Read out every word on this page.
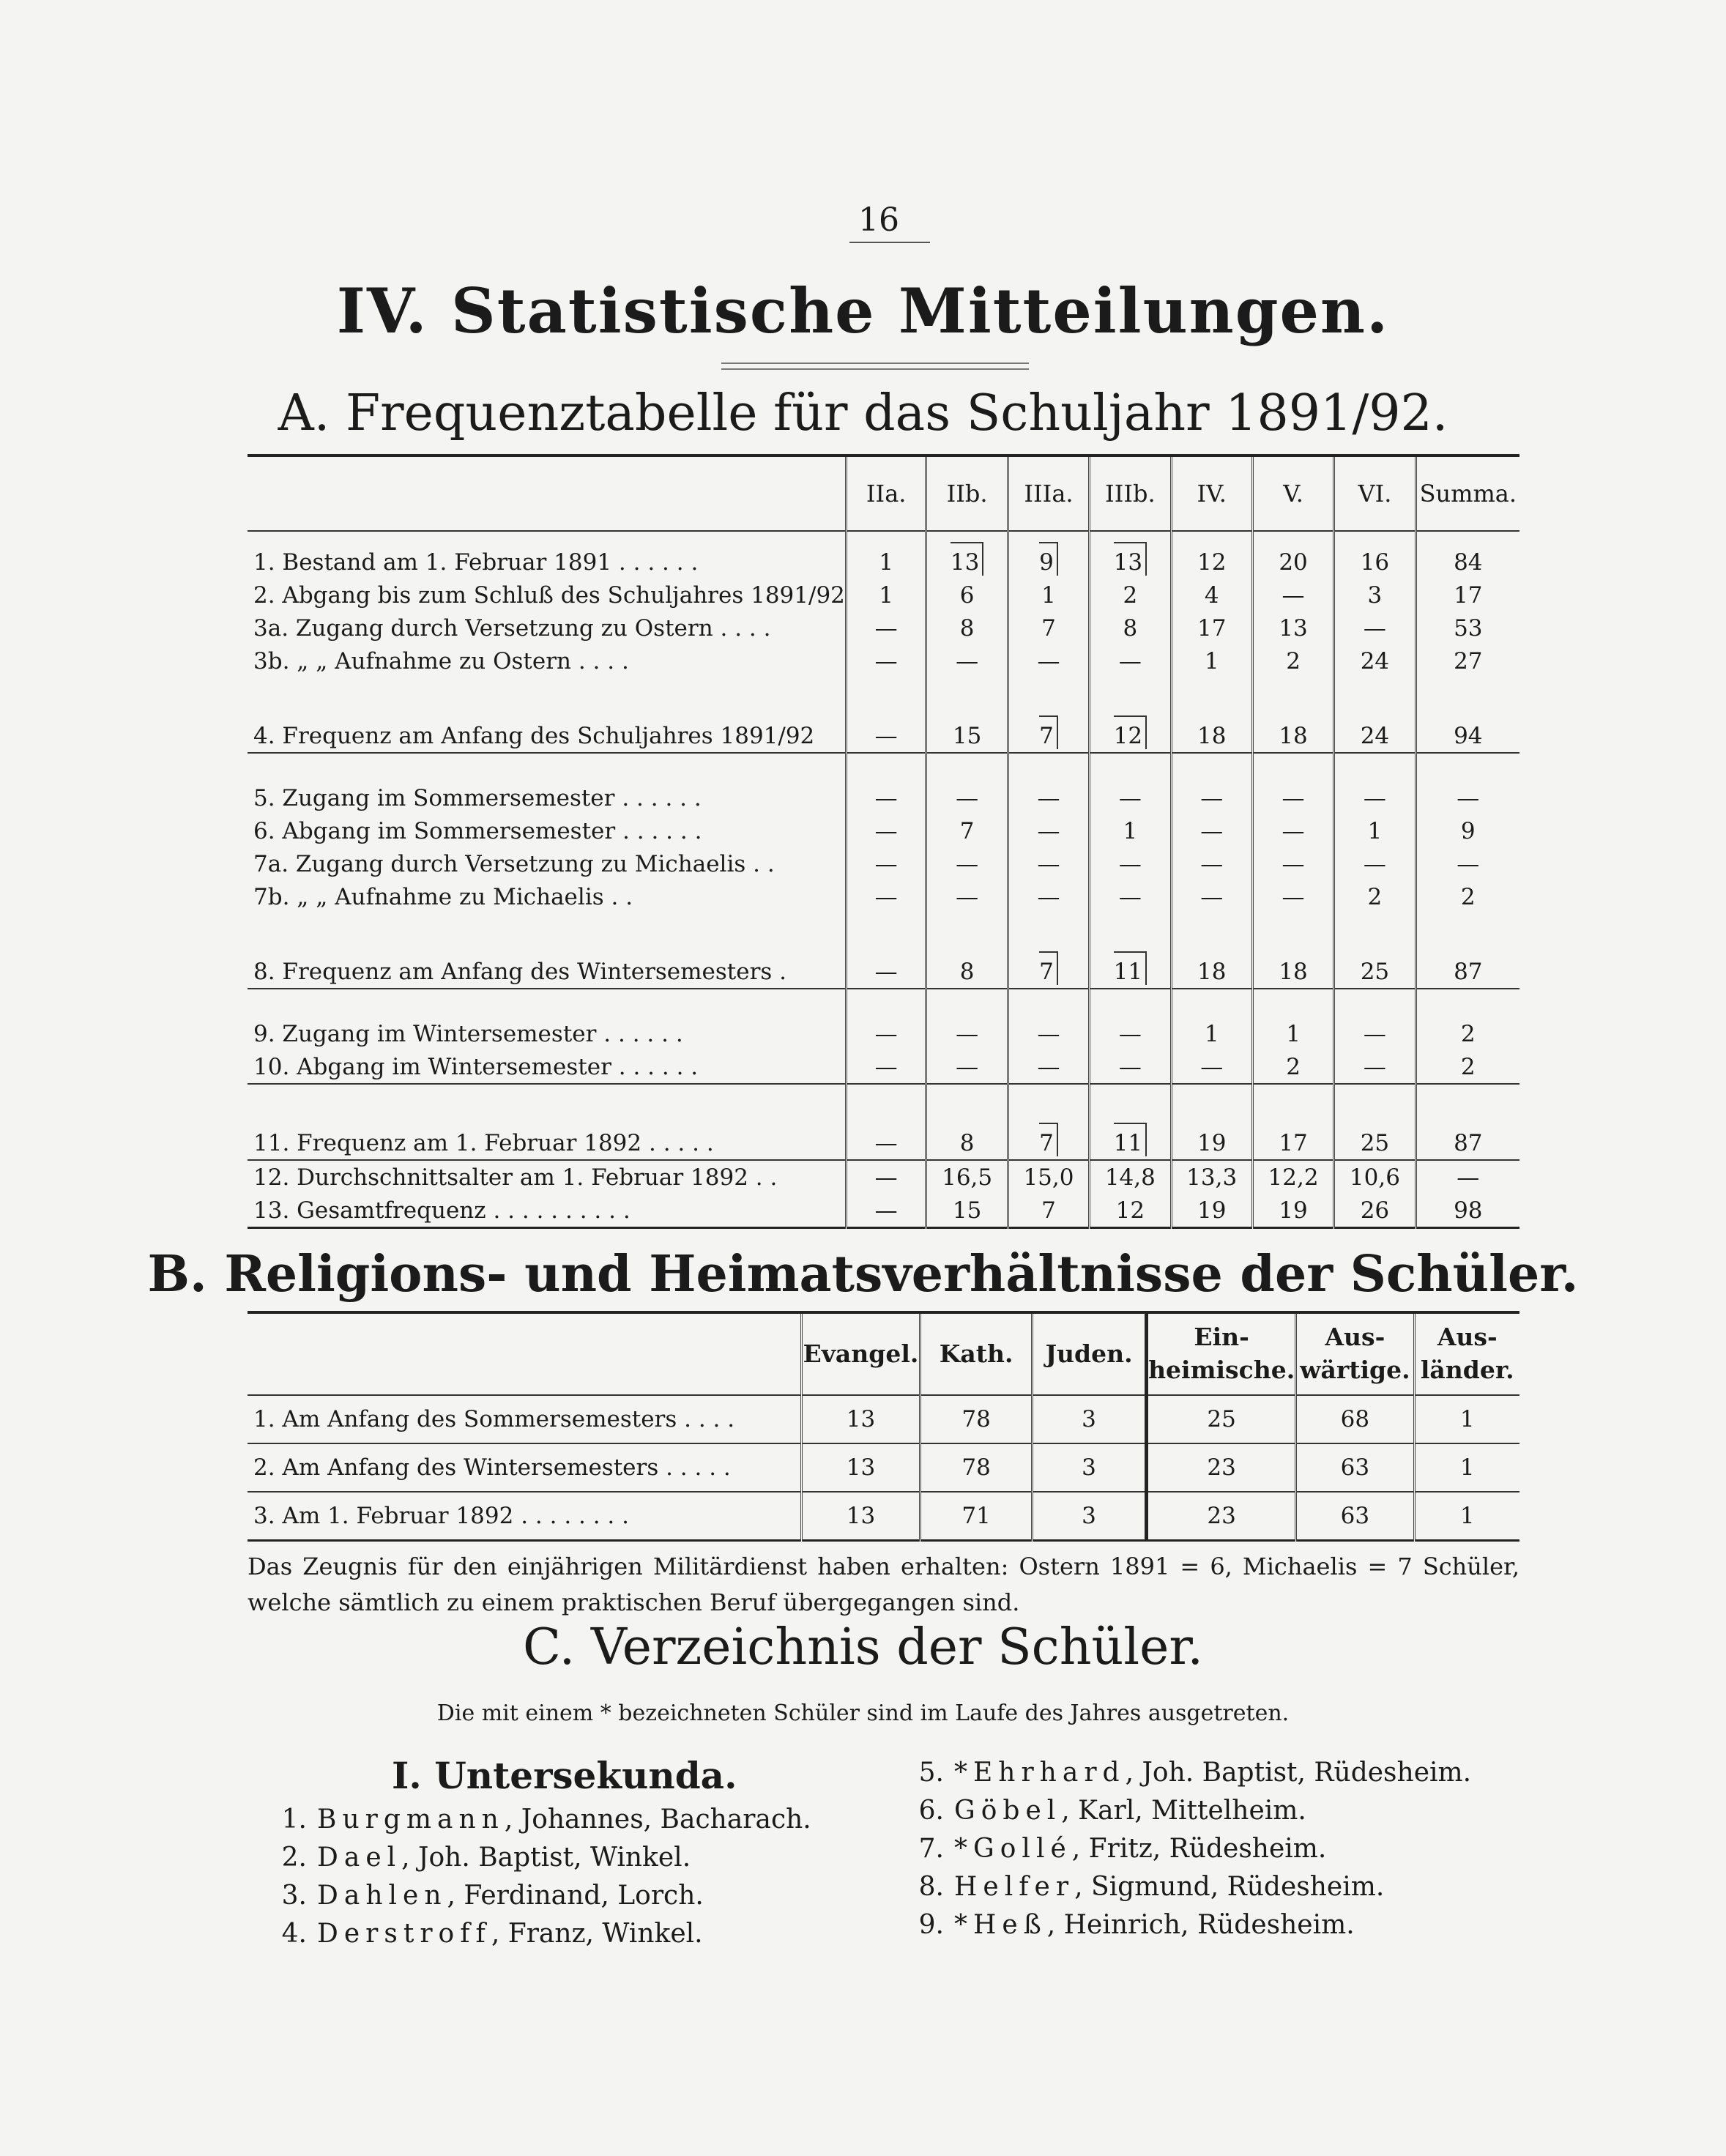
16
IV. Statistische Mitteilungen.
A. Frequenztabelle für das Schuljahr 1891/92.
	IIa.	IIb.	IIIa.	IIIb.	IV.	V.	VI.	Summa.
1. Bestand am 1. Februar 1891 . . . . . .	1	13	9	13	12	20	16	84
2. Abgang bis zum Schluß des Schuljahres 1891/92	1	6	1	2	4	—	3	17
3a. Zugang durch Versetzung zu Ostern . . . .	—	8	7	8	17	13	—	53
3b. „ „ Aufnahme zu Ostern . . . .	—	—	—	—	1	2	24	27

4. Frequenz am Anfang des Schuljahres 1891/92	—	15	7	12	18	18	24	94

5. Zugang im Sommersemester . . . . . .	—	—	—	—	—	—	—	—
6. Abgang im Sommersemester . . . . . .	—	7	—	1	—	—	1	9
7a. Zugang durch Versetzung zu Michaelis . .	—	—	—	—	—	—	—	—
7b. „ „ Aufnahme zu Michaelis . .	—	—	—	—	—	—	2	2

8. Frequenz am Anfang des Wintersemesters .	—	8	7	11	18	18	25	87

9. Zugang im Wintersemester . . . . . .	—	—	—	—	1	1	—	2
10. Abgang im Wintersemester . . . . . .	—	—	—	—	—	2	—	2

11. Frequenz am 1. Februar 1892 . . . . .	—	8	7	11	19	17	25	87
12. Durchschnittsalter am 1. Februar 1892 . .	—	16,5	15,0	14,8	13,3	12,2	10,6	—
13. Gesamtfrequenz . . . . . . . . . .	—	15	7	12	19	19	26	98
B. Religions- und Heimatsverhältnisse der Schüler.
	Evangel.	Kath.	Juden.	Ein-heimische.	Aus-wärtige.	Aus-länder.
1. Am Anfang des Sommersemesters . . . .	13	78	3	25	68	1
2. Am Anfang des Wintersemesters . . . . .	13	78	3	23	63	1
3. Am 1. Februar 1892 . . . . . . . .	13	71	3	23	63	1
Das Zeugnis für den einjährigen Militärdienst haben erhalten: Ostern 1891 = 6, Michaelis = 7 Schüler,
welche sämtlich zu einem praktischen Beruf übergegangen sind.
C. Verzeichnis der Schüler.
Die mit einem * bezeichneten Schüler sind im Laufe des Jahres ausgetreten.
I. Untersekunda.
1. Burgmann, Johannes, Bacharach.
2. Dael, Joh. Baptist, Winkel.
3. Dahlen, Ferdinand, Lorch.
4. Derstroff, Franz, Winkel.
5. *Ehrhard, Joh. Baptist, Rüdesheim.
6. Göbel, Karl, Mittelheim.
7. *Gollé, Fritz, Rüdesheim.
8. Helfer, Sigmund, Rüdesheim.
9. *Heß, Heinrich, Rüdesheim.
